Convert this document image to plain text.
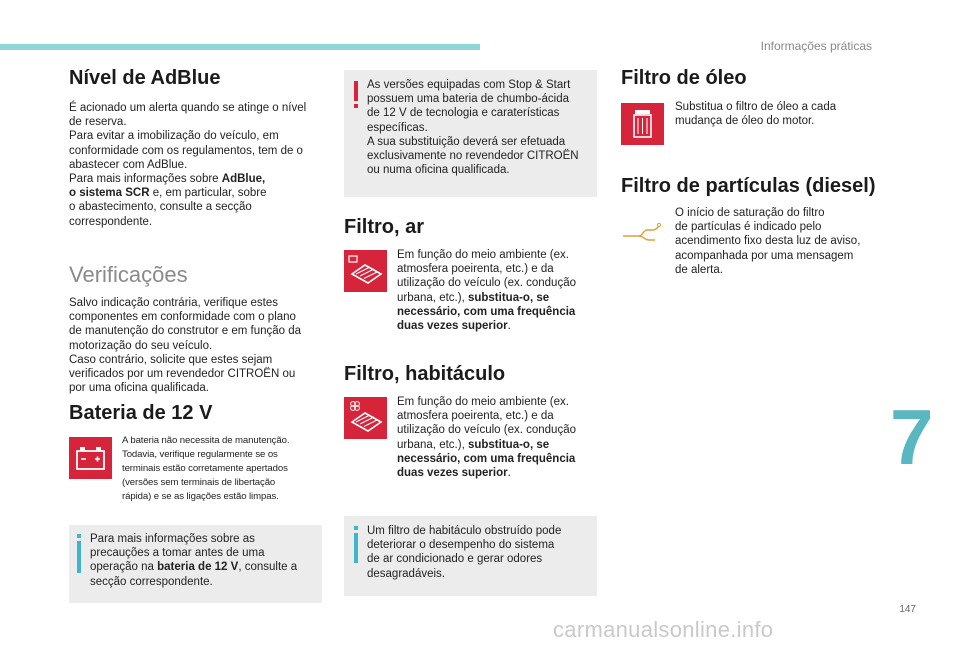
Informações práticas
7
147
carmanualsonline.info
Nível de AdBlue
É acionado um alerta quando se atinge o nível
de reserva.
Para evitar a imobilização do veículo, em
conformidade com os regulamentos, tem de o
abastecer com AdBlue.
Para mais informações sobre AdBlue,
o sistema SCR e, em particular, sobre
o abastecimento, consulte a secção
correspondente.
Verificações
Salvo indicação contrária, verifique estes
componentes em conformidade com o plano
de manutenção do construtor e em função da
motorização do seu veículo.
Caso contrário, solicite que estes sejam
verificados por um revendedor CITROËN ou
por uma oficina qualificada.
Bateria de 12 V
A bateria não necessita de manutenção.
Todavia, verifique regularmente se os
terminais estão corretamente apertados
(versões sem terminais de libertação
rápida) e se as ligações estão limpas.
Para mais informações sobre as
precauções a tomar antes de uma
operação na bateria de 12 V, consulte a
secção correspondente.
As versões equipadas com Stop & Start
possuem uma bateria de chumbo-ácida
de 12 V de tecnologia e caraterísticas
específicas.
A sua substituição deverá ser efetuada
exclusivamente no revendedor CITROËN
ou numa oficina qualificada.
Filtro, ar
Em função do meio ambiente (ex.
atmosfera poeirenta, etc.) e da
utilização do veículo (ex. condução
urbana, etc.), substitua-o, se
necessário, com uma frequência
duas vezes superior.
Filtro, habitáculo
Em função do meio ambiente (ex.
atmosfera poeirenta, etc.) e da
utilização do veículo (ex. condução
urbana, etc.), substitua-o, se
necessário, com uma frequência
duas vezes superior.
Um filtro de habitáculo obstruído pode
deteriorar o desempenho do sistema
de ar condicionado e gerar odores
desagradáveis.
Filtro de óleo
Substitua o filtro de óleo a cada
mudança de óleo do motor.
Filtro de partículas (diesel)
O início de saturação do filtro
de partículas é indicado pelo
acendimento fixo desta luz de aviso,
acompanhada por uma mensagem
de alerta.
